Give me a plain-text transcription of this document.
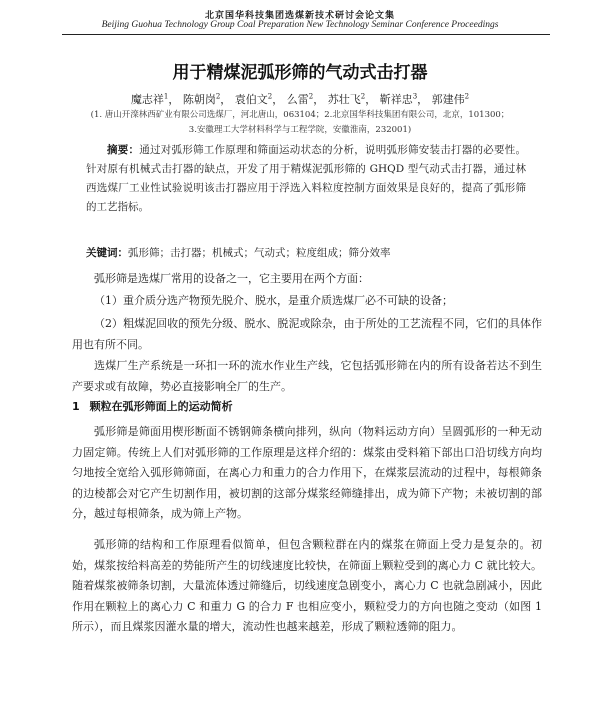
北京国华科技集团选煤新技术研讨会论文集
Beijing Guohua Technology Group Coal Preparation New Technology Seminar Conference Proceedings
用于精煤泥弧形筛的气动式击打器
魔志祥$^1$， 陈朝岗$^2$， 袁伯文$^2$， 么雷$^2$， 苏壮飞$^2$， 靳祥忠$^3$， 郭建伟$^2$
(1. 唐山开滦林西矿业有限公司选煤厂，河北唐山，063104；2.北京国华科技集团有限公司，北京，101300；
3.安徽理工大学材料科学与工程学院，安徽淮南，232001)
摘要：通过对弧形筛工作原理和筛面运动状态的分析，说明弧形筛安装击打器的必要性。针对原有机械式击打器的缺点，开发了用于精煤泥弧形筛的 GHQD 型气动式击打器，通过林西选煤厂工业性试验说明该击打器应用于浮选入料粒度控制方面效果是良好的，提高了弧形筛的工艺指标。
关键词：弧形筛；击打器；机械式；气动式；粒度组成；筛分效率
弧形筛是选煤厂常用的设备之一，它主要用在两个方面：
（1）重介质分选产物预先脱介、脱水，是重介质选煤厂必不可缺的设备；
（2）粗煤泥回收的预先分级、脱水、脱泥或除杂，由于所处的工艺流程不同，它们的具体作用也有所不同。
选煤厂生产系统是一环扣一环的流水作业生产线，它包括弧形筛在内的所有设备若达不到生产要求或有故障，势必直接影响全厂的生产。
1 颗粒在弧形筛面上的运动简析
弧形筛是筛面用楔形断面不锈钢筛条横向排列，纵向（物料运动方向）呈圆弧形的一种无动力固定筛。传统上人们对弧形筛的工作原理是这样介绍的：煤浆由受料箱下部出口沿切线方向均匀地按全宽给入弧形筛筛面，在离心力和重力的合力作用下，在煤浆层流动的过程中，每根筛条的边棱都会对它产生切割作用，被切割的这部分煤浆经筛缝排出，成为筛下产物；未被切割的部分，越过每根筛条，成为筛上产物。
弧形筛的结构和工作原理看似简单，但包含颗粒群在内的煤浆在筛面上受力是复杂的。初始，煤浆按给料高差的势能所产生的切线速度比较快，在筛面上颗粒受到的离心力 C 就比较大。随着煤浆被筛条切割，大量流体透过筛缝后，切线速度急剧变小，离心力 C 也就急剧减小，因此作用在颗粒上的离心力 C 和重力 G 的合力 F 也相应变小，颗粒受力的方向也随之变动（如图 1 所示），而且煤浆因灌水量的增大，流动性也越来越差，形成了颗粒透筛的阻力。
